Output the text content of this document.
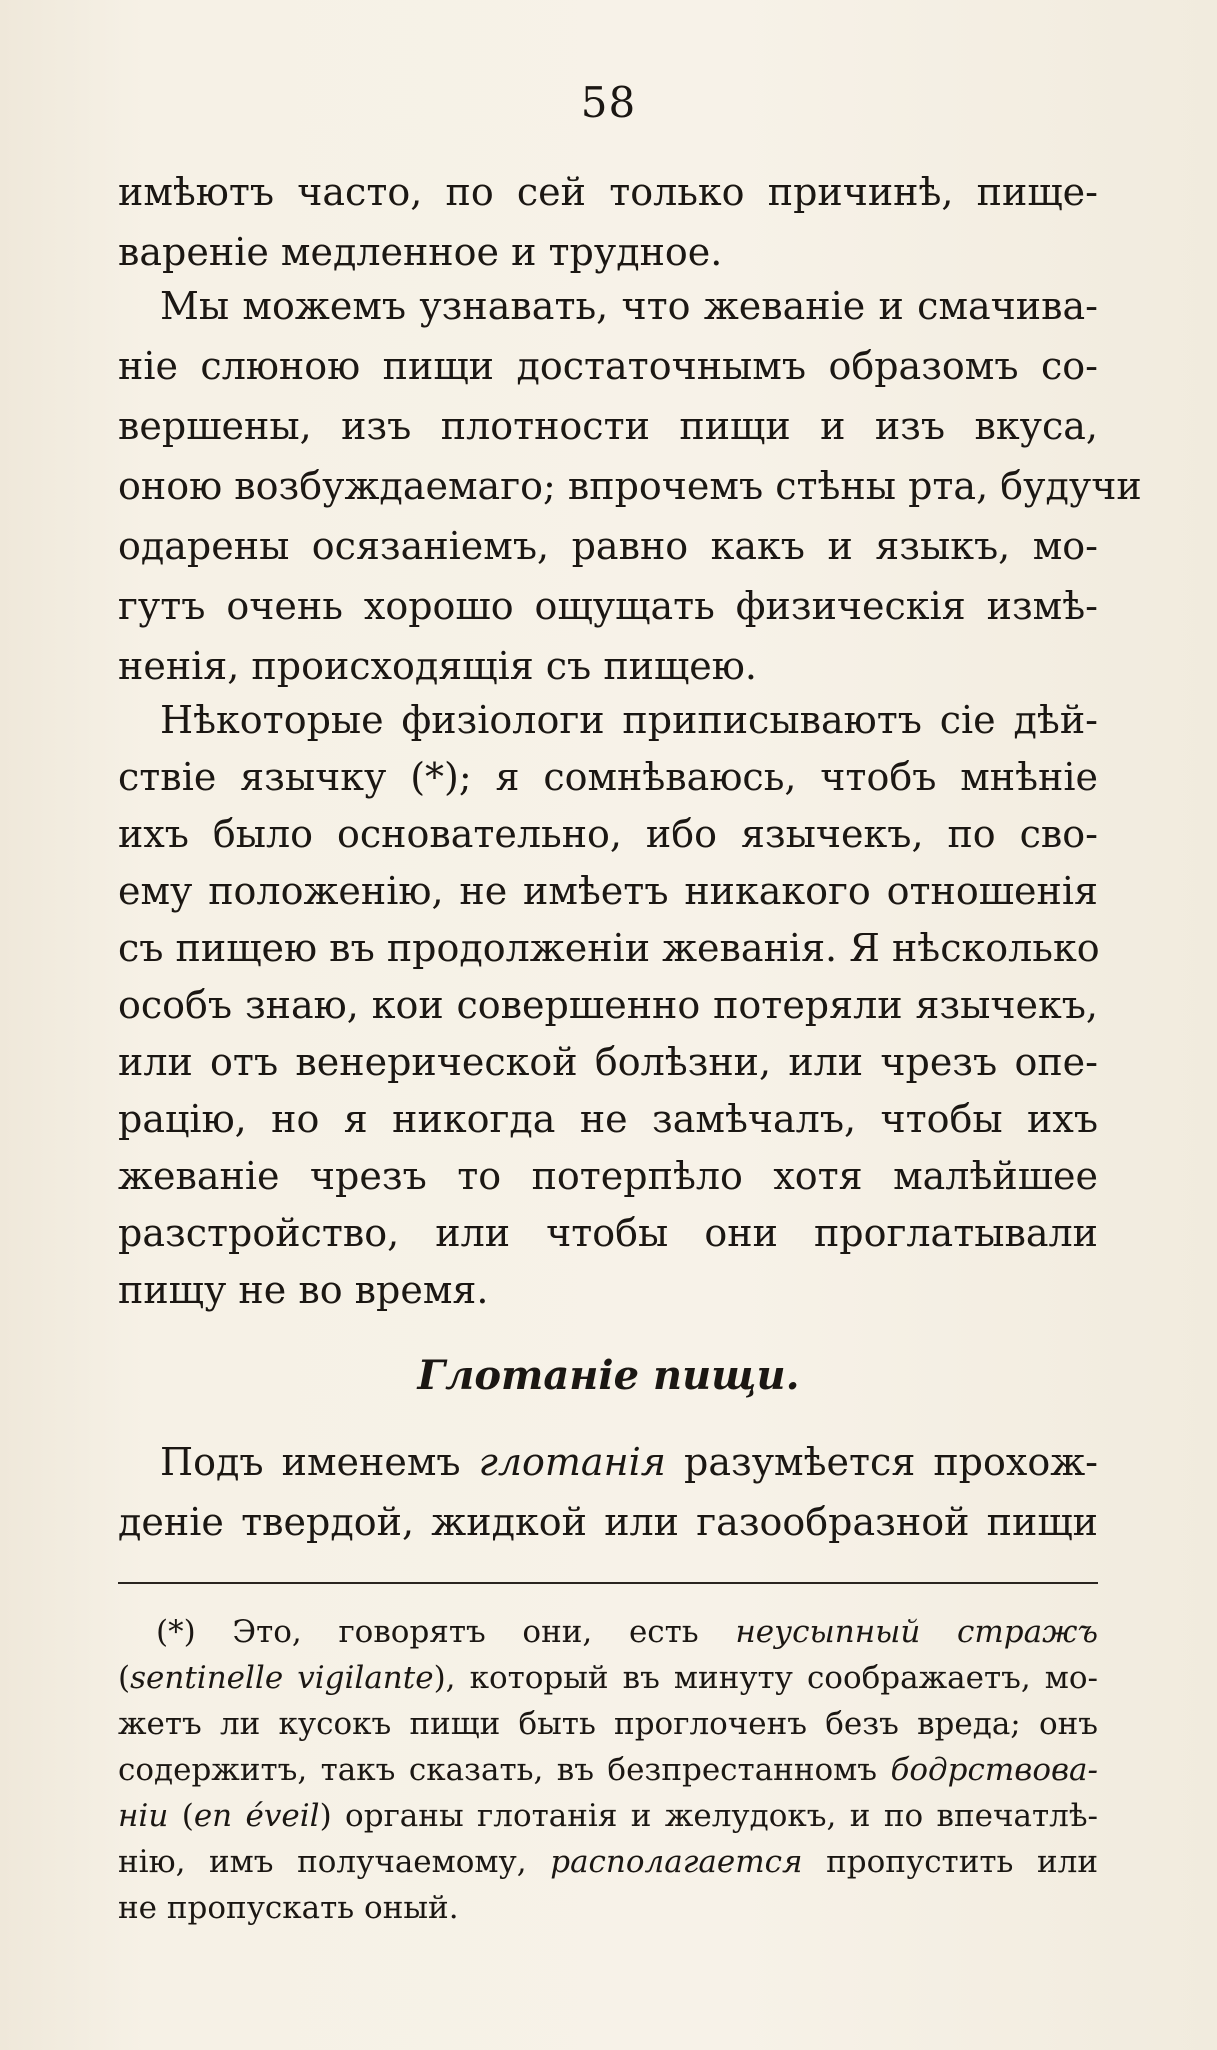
58
имѣютъ часто, по сей только причинѣ, пище-
вареніе медленное и трудное.
Мы можемъ узнавать, что жеваніе и смачива-
ніе слюною пищи достаточнымъ образомъ со-
вершены, изъ плотности пищи и изъ вкуса,
оною возбуждаемаго; впрочемъ стѣны рта, будучи
одарены осязаніемъ, равно какъ и языкъ, мо-
гутъ очень хорошо ощущать физическія измѣ-
ненія, происходящія съ пищею.
Нѣкоторые физіологи приписываютъ сіе дѣй-
ствіе язычку (*); я сомнѣваюсь, чтобъ мнѣніе
ихъ было основательно, ибо язычекъ, по сво-
ему положенію, не имѣетъ никакого отношенія
съ пищею въ продолженіи жеванія. Я нѣсколько
особъ знаю, кои совершенно потеряли язычекъ,
или отъ венерической болѣзни, или чрезъ опе-
рацію, но я никогда не замѣчалъ, чтобы ихъ
жеваніе чрезъ то потерпѣло хотя малѣйшее
разстройство, или чтобы они проглатывали
пищу не во время.
Глотаніе пищи.
Подъ именемъ глотанія разумѣется прохож-
деніе твердой, жидкой или газообразной пищи
(*) Это, говорятъ они, есть неусыпный стражъ
(sentinelle vigilante), который въ минуту соображаетъ, мо-
жетъ ли кусокъ пищи быть проглоченъ безъ вреда; онъ
содержитъ, такъ сказать, въ безпрестанномъ бодрствова-
ніи (en éveil) органы глотанія и желудокъ, и по впечатлѣ-
нію, имъ получаемому, располагается пропустить или
не пропускать оный.
